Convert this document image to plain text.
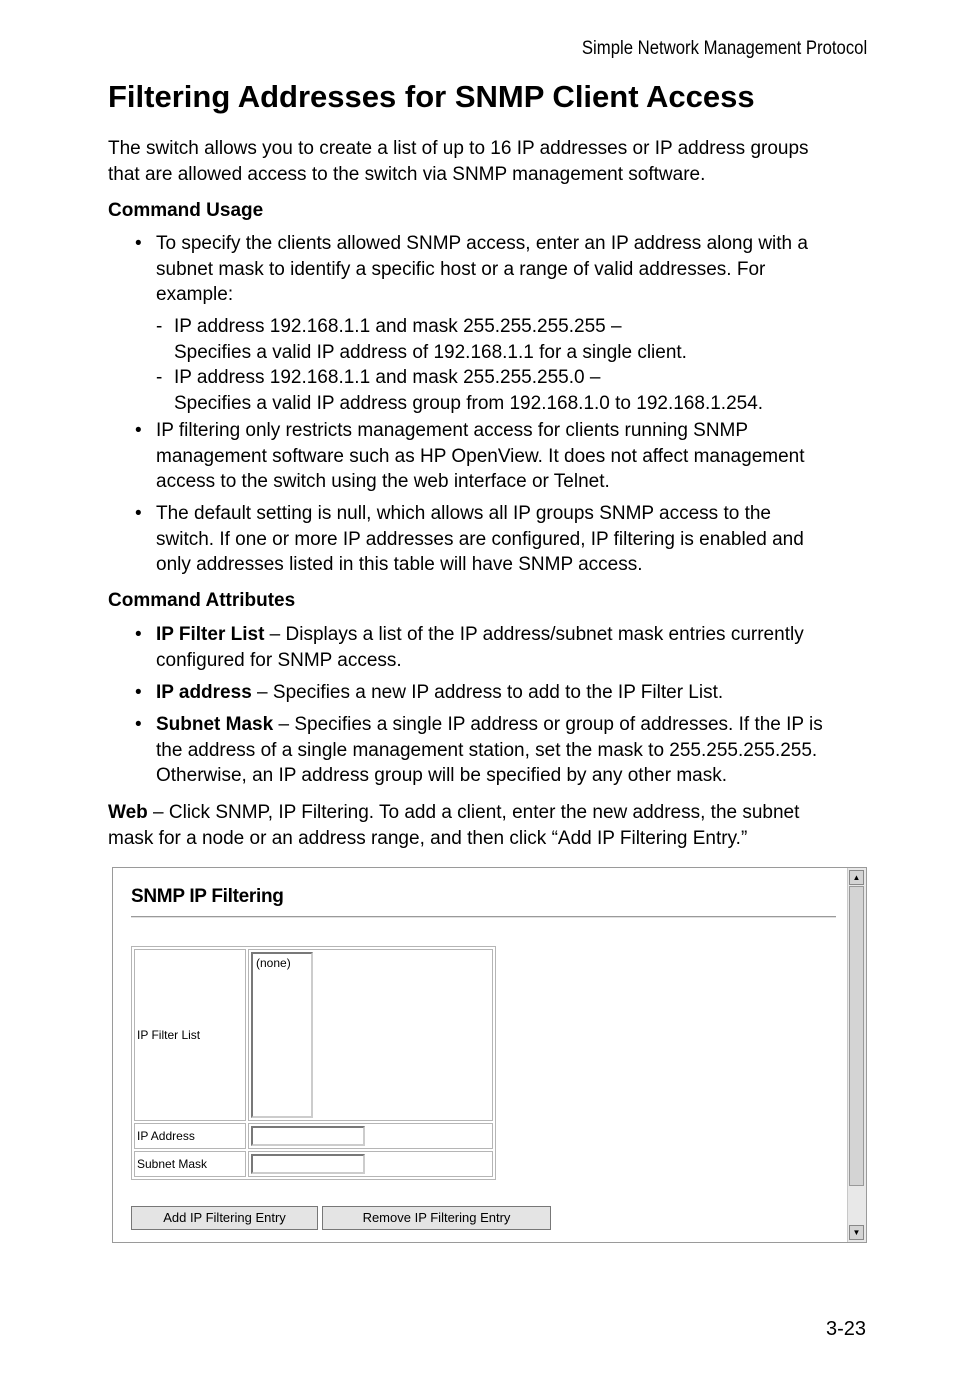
Simple Network Management Protocol
Filtering Addresses for SNMP Client Access

The switch allows you to create a list of up to 16 IP addresses or IP address groups
that are allowed access to the switch via SNMP management software.

Command Usage
• To specify the clients allowed SNMP access, enter an IP address along with a
subnet mask to identify a specific host or a range of valid addresses. For
example:
- IP address 192.168.1.1 and mask 255.255.255.255 –
Specifies a valid IP address of 192.168.1.1 for a single client.
- IP address 192.168.1.1 and mask 255.255.255.0 –
Specifies a valid IP address group from 192.168.1.0 to 192.168.1.254.
• IP filtering only restricts management access for clients running SNMP
management software such as HP OpenView. It does not affect management
access to the switch using the web interface or Telnet.
• The default setting is null, which allows all IP groups SNMP access to the
switch. If one or more IP addresses are configured, IP filtering is enabled and
only addresses listed in this table will have SNMP access.
Command Attributes
• IP Filter List – Displays a list of the IP address/subnet mask entries currently
configured for SNMP access.
• IP address – Specifies a new IP address to add to the IP Filter List.
• Subnet Mask – Specifies a single IP address or group of addresses. If the IP is
the address of a single management station, set the mask to 255.255.255.255.
Otherwise, an IP address group will be specified by any other mask.

Web – Click SNMP, IP Filtering. To add a client, enter the new address, the subnet
mask for a node or an address range, and then click “Add IP Filtering Entry.”

SNMP IP Filtering
IP Filter List	(none)

IP Address	

Subnet Mask	
Add IP Filtering Entry	Remove IP Filtering Entry
▲
▼
3-23
